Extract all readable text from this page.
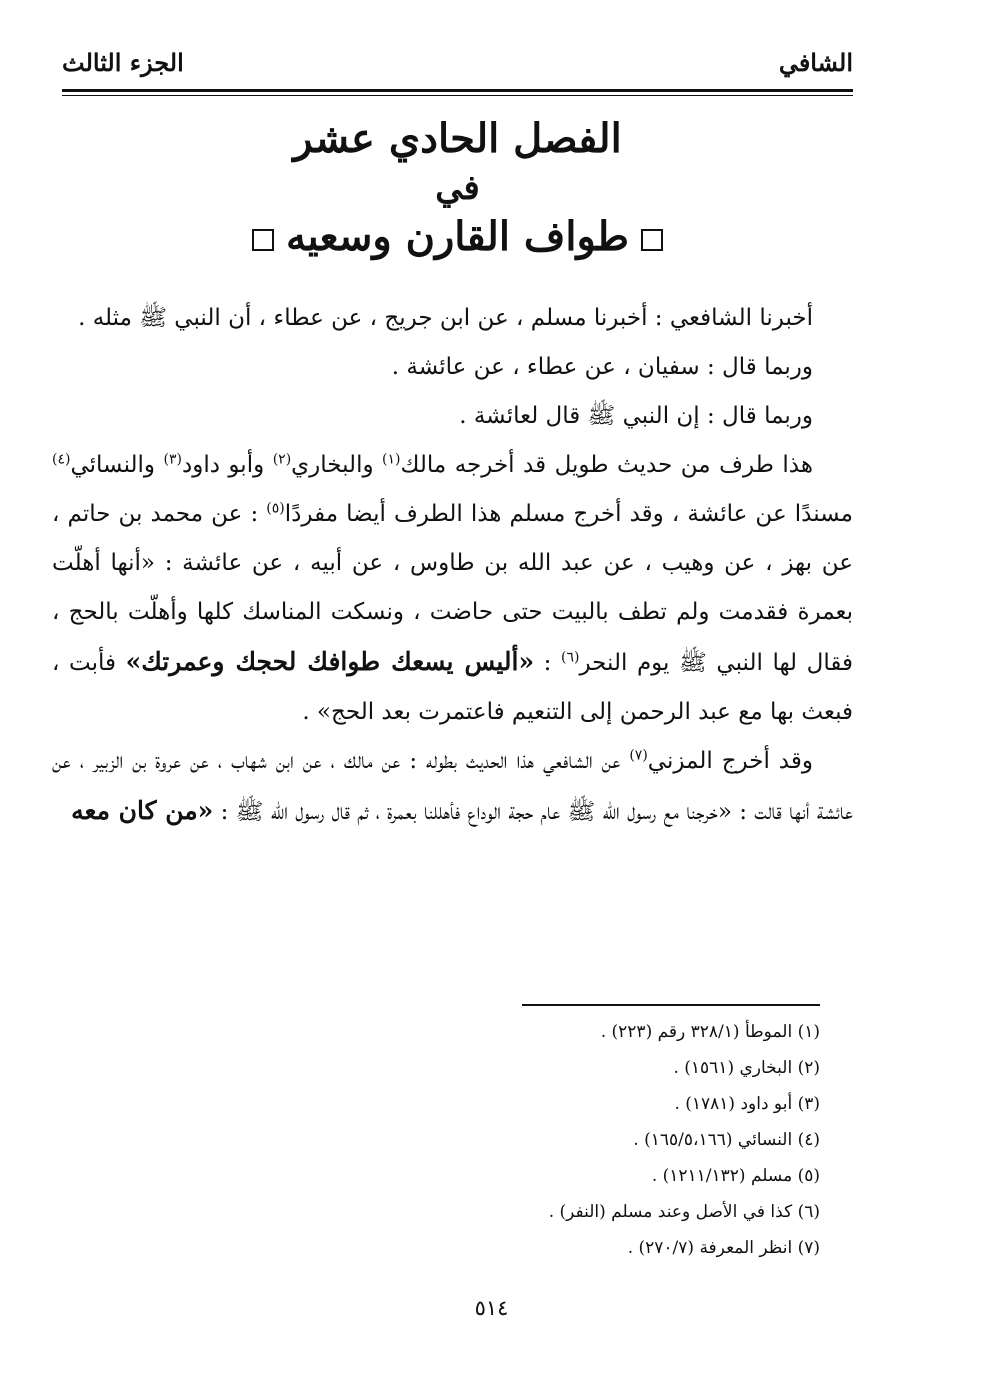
الشافي
الجزء الثالث
الفصل الحادي عشر
في
طواف القارن وسعيه

أخبرنا الشافعي : أخبرنا مسلم ، عن ابن جريج ، عن عطاء ، أن النبي ﷺ مثله .

وربما قال : سفيان ، عن عطاء ، عن عائشة .

وربما قال : إن النبي ﷺ قال لعائشة .

هذا طرف من حديث طويل قد أخرجه مالك$^{(١)}$ والبخاري$^{(٢)}$ وأبو داود$^{(٣)}$ والنسائي$^{(٤)}$ مسندًا عن عائشة ، وقد أخرج مسلم هذا الطرف أيضا مفردًا$^{(٥)}$ : عن محمد بن حاتم ، عن بهز ، عن وهيب ، عن عبد الله بن طاوس ، عن أبيه ، عن عائشة : «أنها أهلّت بعمرة فقدمت ولم تطف بالبيت حتى حاضت ، ونسكت المناسك كلها وأهلّت بالحج ، فقال لها النبي ﷺ يوم النحر$^{(٦)}$ : «أليس يسعك طوافك لحجك وعمرتك» فأبت ، فبعث بها مع عبد الرحمن إلى التنعيم فاعتمرت بعد الحج» .

وقد أخرج المزني$^{(٧)}$ عن الشافعي هذا الحديث بطوله : عن مالك ، عن ابن شهاب ، عن عروة بن الزبير ، عن عائشة أنها قالت : «خرجنا مع رسول الله ﷺ عام حجة الوداع فأهللنا بعمرة ، ثم قال رسول الله ﷺ : «من كان معه

(١) الموطأ (٣٢٨/١ رقم (٢٢٣) .
(٢) البخاري (١٥٦١) .
(٣) أبو داود (١٧٨١) .
(٤) النسائي (١٦٥/٥،١٦٦) .
(٥) مسلم (١٢١١/١٣٢) .
(٦) كذا في الأصل وعند مسلم (النفر) .
(٧) انظر المعرفة (٢٧٠/٧) .
٥١٤
